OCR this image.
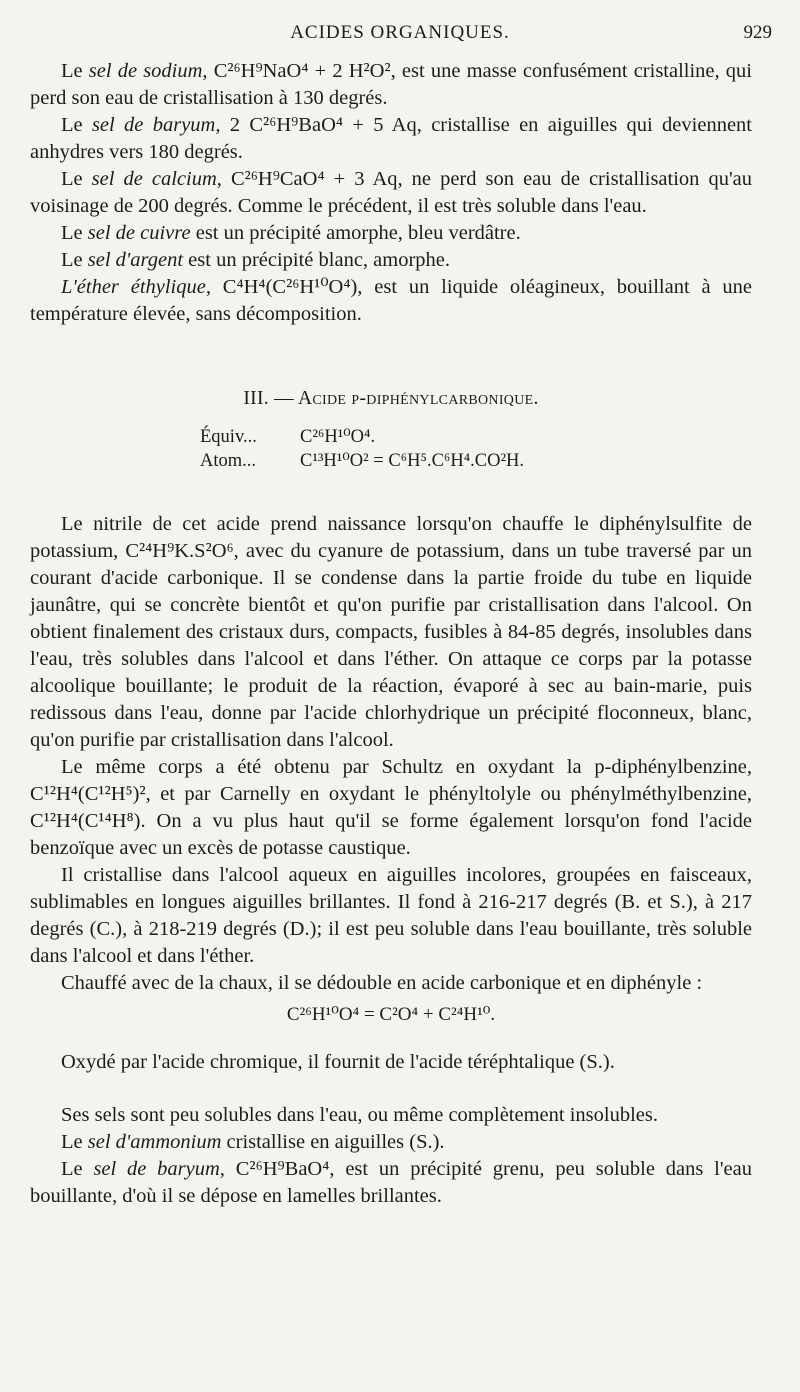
ACIDES ORGANIQUES.	929

Le sel de sodium, C²⁶H⁹NaO⁴ + 2 H²O², est une masse confusément cristalline, qui perd son eau de cristallisation à 130 degrés.

Le sel de baryum, 2 C²⁶H⁹BaO⁴ + 5 Aq, cristallise en aiguilles qui deviennent anhydres vers 180 degrés.

Le sel de calcium, C²⁶H⁹CaO⁴ + 3 Aq, ne perd son eau de cristallisation qu'au voisinage de 200 degrés. Comme le précédent, il est très soluble dans l'eau.

Le sel de cuivre est un précipité amorphe, bleu verdâtre.

Le sel d'argent est un précipité blanc, amorphe.

L'éther éthylique, C⁴H⁴(C²⁶H¹⁰O⁴), est un liquide oléagineux, bouillant à une température élevée, sans décomposition.

III. — Acide p-diphénylcarbonique.
Équiv... C²⁶H¹⁰O⁴.
Atom... C¹³H¹⁰O² = C⁶H⁵.C⁶H⁴.CO²H.

Le nitrile de cet acide prend naissance lorsqu'on chauffe le diphénylsulfite de potassium, C²⁴H⁹K.S²O⁶, avec du cyanure de potassium, dans un tube traversé par un courant d'acide carbonique. Il se condense dans la partie froide du tube en liquide jaunâtre, qui se concrète bientôt et qu'on purifie par cristallisation dans l'alcool. On obtient finalement des cristaux durs, compacts, fusibles à 84-85 degrés, insolubles dans l'eau, très solubles dans l'alcool et dans l'éther. On attaque ce corps par la potasse alcoolique bouillante; le produit de la réaction, évaporé à sec au bain-marie, puis redissous dans l'eau, donne par l'acide chlorhydrique un précipité floconneux, blanc, qu'on purifie par cristallisation dans l'alcool.

Le même corps a été obtenu par Schultz en oxydant la p-diphénylbenzine, C¹²H⁴(C¹²H⁵)², et par Carnelly en oxydant le phényltolyle ou phénylméthylbenzine, C¹²H⁴(C¹⁴H⁸). On a vu plus haut qu'il se forme également lorsqu'on fond l'acide benzoïque avec un excès de potasse caustique.

Il cristallise dans l'alcool aqueux en aiguilles incolores, groupées en faisceaux, sublimables en longues aiguilles brillantes. Il fond à 216-217 degrés (B. et S.), à 217 degrés (C.), à 218-219 degrés (D.); il est peu soluble dans l'eau bouillante, très soluble dans l'alcool et dans l'éther.

Chauffé avec de la chaux, il se dédouble en acide carbonique et en diphényle :

C²⁶H¹⁰O⁴ = C²O⁴ + C²⁴H¹⁰.

Oxydé par l'acide chromique, il fournit de l'acide téréphtalique (S.).

Ses sels sont peu solubles dans l'eau, ou même complètement insolubles.

Le sel d'ammonium cristallise en aiguilles (S.).

Le sel de baryum, C²⁶H⁹BaO⁴, est un précipité grenu, peu soluble dans l'eau bouillante, d'où il se dépose en lamelles brillantes.
